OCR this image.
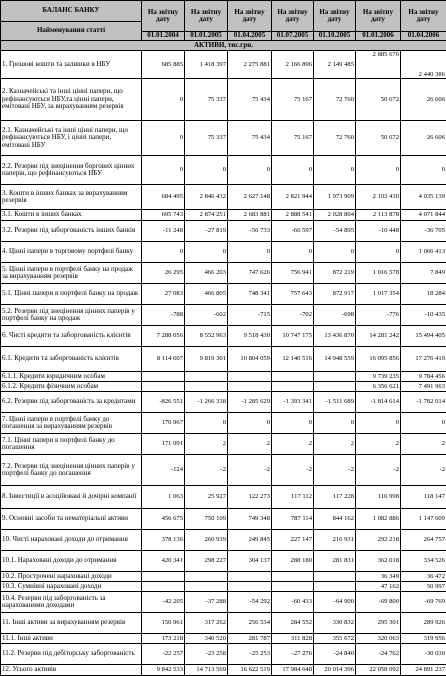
БАЛАНС БАНКУ	На звітну дату	На звітну дату	На звітну дату	На звітну дату	На звітну дату	На звітну дату	На звітну дату
Найменування статті							
	01.01.2004	01.01.2005	01.04.2005	01.07.2005	01.10.2005	01.01.2006	01.04.2006
АКТИВИ, тис.грн.							
1. Грошові кошти та залишки в НБУ	685 885	1 418 397	2 275 881	2 166 896	2 149 485	2 885 676	2 440 386
2. Казначейські та інші цінні папери, що рефінансуються НБУ,та цінні папери, емітовані НБУ, за вирахуванням резервів	0	75 337	75 434	75 167	72 760	50 672	26 606
2.1. Казначейські та інші цінні папери, що рефінансуються НБУ, і цінні папери, емітовані НБУ	0	75 337	75 434	75 167	72 760	50 672	26 606
2.2. Резерви під знецінення боргових цінних паперів, що рефінансуються НБУ	0	0	0	0	0	0	0
3. Кошти в інших банках за вирахуванням резервів	684 495	2 846 432	2 627 148	2 821 944	1 973 909	2 103 430	4 035 139
3.1. Кошти в інших банках	695 743	2 874 251	2 683 881	2 888 541	2 028 804	2 113 878	4 071 844
3.2. Резерви під заборгованість інших банків	-11 248	-27 819	-56 733	-66 597	-54 895	-10 448	-36 705
4. Цінні папери в торговому портфелі банку	0	0	0	0	0	0	1 066 413
5. Цінні папери в портфелі банку на продаж за вирахуванням резервів	26 295	466 203	747 626	756 941	872 219	1 016 578	7 849
5.1. Цінні папери в портфелі банку на продаж	27 083	466 805	748 341	757 643	872 917	1 017 354	18 284
5.2. Резерви під знецінення цінних паперів у портфелі банку на продаж	-788	-602	-715	-702	-698	-776	-10 435
6. Чисті кредити та заборгованість клієнтів	7 288 056	8 552 963	9 518 430	10 747 175	13 436 870	14 281 242	15 494 405
6.1. Кредити та заборгованість клієнтів	8 114 607	9 819 301	10 804 059	12 140 516	14 948 559	16 095 856	17 276 419
6.1.1. Кредити юридичним особам						9 739 235	9 784 456
6.1.2. Кредити фізичним особам						6 356 621	7 491 963
6.2. Резерви під заборгованість за кредитами	-826 551	-1 266 338	-1 285 629	-1 393 341	-1 511 689	-1 814 614	-1 782 014
7. Цінні папери в портфелі банку до погашення за вирахуванням резервів	170 967	0	0	0	0	0	0
7.1. Цінні папери в портфелі банку до погашення	171 091	2	2	2	2	2	2
7.2. Резерви під знецінення цінних паперів у портфелі банку до погашення	-124	-2	-2	-2	-2	-2	-2
8. Інвестиції в асоційовані й дочірні компанії	1 063	25 927	122 273	117 112	117 228	116 998	118 147
9. Основні засоби та нематеріальні активи	456 675	750 109	749 348	787 114	844 162	1 082 886	1 147 609
10. Чисті нараховані доходи до отримання	378 136	260 939	249 845	227 147	216 931	292 218	264 757
10.1. Нараховані доходи до отримання	420 341	298 227	304 137	288 180	281 831	362 018	334 526
10.2. Прострочені нараховані доходи						36 349	36 472
10.3. Сумнівні нараховані доходи						47 162	50 997
10.4. Резерви під заборгованість за нарахованими доходами	-42 205	-37 288	-54 292	-60 433	-64 900	-69 800	-69 769
11. Інші активи за вирахуванням резервів	150 961	317 262	256 534	284 552	330 832	295 301	289 926
11.1. Інші активи	173 218	340 520	281 787	311 828	355 672	320 063	319 956
11.2. Резерви під дебіторську заборгованість	-22 257	-23 258	-25 253	-27 276	-24 840	-24 762	-30 030
12. Усього активів	9 842 533	14 713 569	16 622 519	17 984 648	20 014 396	22 058 092	24 891 237
